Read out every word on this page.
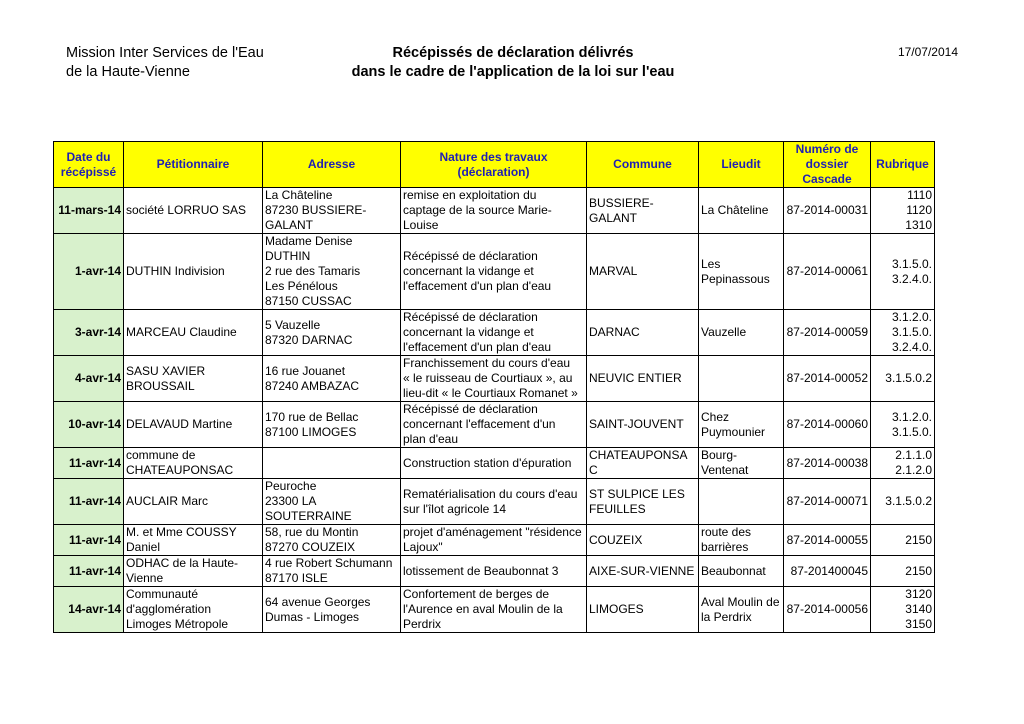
Mission Inter Services de l'Eau
de la Haute-Vienne
Récépissés de déclaration délivrés
dans le cadre de l'application de la loi sur l'eau
17/07/2014
Date du récépissé	Pétitionnaire	Adresse	Nature des travaux (déclaration)	Commune	Lieudit	Numéro de dossier Cascade	Rubrique
11-mars-14	société LORRUO SAS	La Châteline
87230 BUSSIERE-
GALANT	remise en exploitation du
captage de la source Marie-
Louise	BUSSIERE-
GALANT	La Châteline	87-2014-00031	1110
1120
1310

1-avr-14	DUTHIN Indivision	Madame Denise
DUTHIN
2 rue des Tamaris
Les Pénélous
87150 CUSSAC	Récépissé de déclaration
concernant la vidange et
l'effacement d'un plan d'eau	MARVAL	Les
Pepinassous	87-2014-00061	3.1.5.0.
3.2.4.0.

3-avr-14	MARCEAU Claudine	5 Vauzelle
87320 DARNAC	Récépissé de déclaration
concernant la vidange et
l'effacement d'un plan d'eau	DARNAC	Vauzelle	87-2014-00059	3.1.2.0.
3.1.5.0.
3.2.4.0.

4-avr-14	SASU XAVIER
BROUSSAIL	16 rue Jouanet
87240 AMBAZAC	Franchissement du cours d'eau
« le ruisseau de Courtiaux », au
lieu-dit « le Courtiaux Romanet »	NEUVIC ENTIER		87-2014-00052	3.1.5.0.2

10-avr-14	DELAVAUD Martine	170 rue de Bellac
87100 LIMOGES	Récépissé de déclaration
concernant l'effacement d'un
plan d'eau	SAINT-JOUVENT	Chez
Puymounier	87-2014-00060	3.1.2.0.
3.1.5.0.

11-avr-14	commune de
CHATEAUPONSAC		Construction station d'épuration	CHATEAUPONSA
C	Bourg-
Ventenat	87-2014-00038	2.1.1.0
2.1.2.0

11-avr-14	AUCLAIR Marc	Peuroche
23300 LA
SOUTERRAINE	Rematérialisation du cours d'eau
sur l'îlot agricole 14	ST SULPICE LES
FEUILLES		87-2014-00071	3.1.5.0.2

11-avr-14	M. et Mme COUSSY
Daniel	58, rue du Montin
87270 COUZEIX	projet d'aménagement "résidence
Lajoux"	COUZEIX	route des
barrières	87-2014-00055	2150

11-avr-14	ODHAC de la Haute-
Vienne	4 rue Robert Schumann
87170 ISLE	lotissement de Beaubonnat 3	AIXE-SUR-VIENNE	Beaubonnat	87-201400045	2150

14-avr-14	Communauté
d'agglomération
Limoges Métropole	64 avenue Georges
Dumas - Limoges	Confortement de berges de
l'Aurence en aval Moulin de la
Perdrix	LIMOGES	Aval Moulin de
la Perdrix	87-2014-00056	3120
3140
3150
